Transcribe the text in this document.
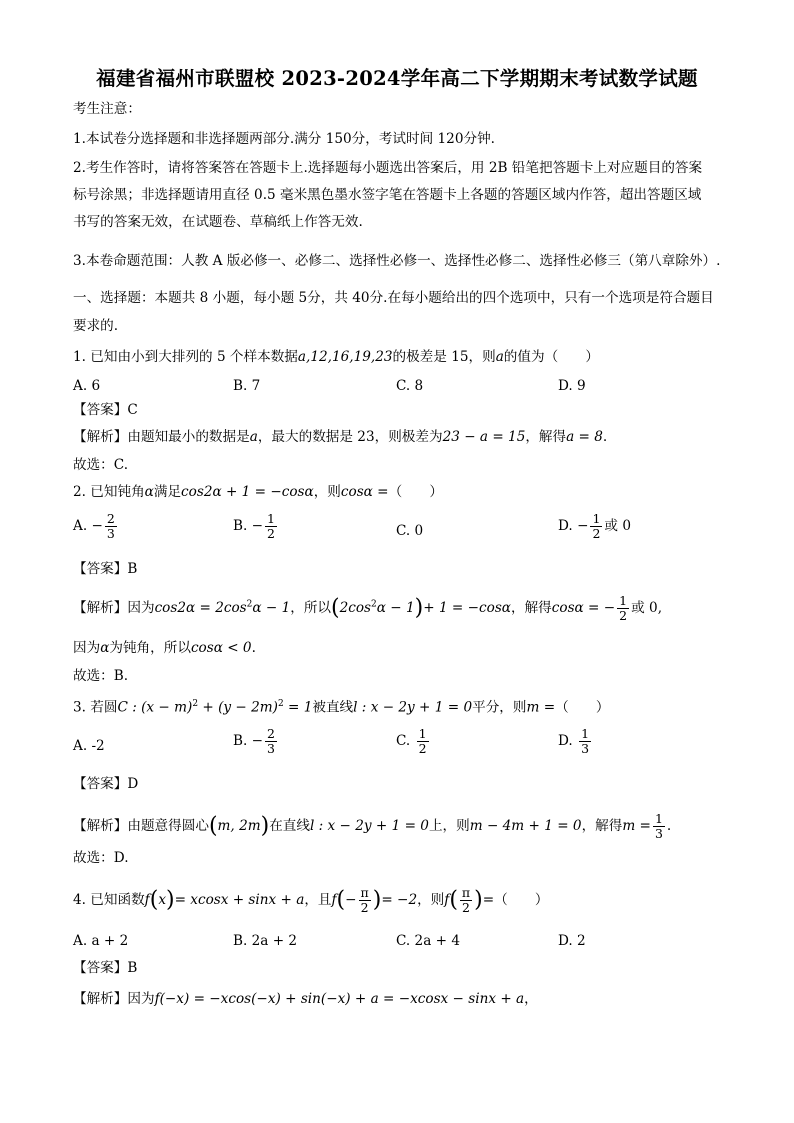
福建省福州市联盟校 2023-2024学年高二下学期期末考试数学试题
考生注意：
1.本试卷分选择题和非选择题两部分.满分 150分，考试时间 120分钟.
2.考生作答时，请将答案答在答题卡上.选择题每小题选出答案后，用 2B 铅笔把答题卡上对应题目的答案
标号涂黑；非选择题请用直径 0.5 毫米黑色墨水签字笔在答题卡上各题的答题区域内作答，超出答题区域
书写的答案无效，在试题卷、草稿纸上作答无效.
3.本卷命题范围：人教 A 版必修一、必修二、选择性必修一、选择性必修二、选择性必修三（第八章除外）.
一、选择题：本题共 8 小题，每小题 5分，共 40分.在每小题给出的四个选项中，只有一个选项是符合题目
要求的.
1. 已知由小到大排列的 5 个样本数据a,12,16,19,23的极差是 15，则a的值为（　　）
A. 6	B. 7	C. 8	D. 9
【答案】C
【解析】由题知最小的数据是a，最大的数据是 23，则极差为23 − a = 15，解得a = 8.
故选：C.
2. 已知钝角α满足cos2α + 1 = −cosα，则cosα =（　　）
A. − $\frac{2}{3}$	B. − $\frac{1}{2}$	C. 0	D. − $\frac{1}{2}$ 或 0
【答案】B
【解析】因为$\cos 2\alpha = 2\cos^2\alpha - 1$，所以$(2\cos^2\alpha - 1)+ 1 = -\cos\alpha$，解得cosα = − $\frac{1}{2}$ 或 0,
因为α为钝角，所以cosα < 0.
故选：B.
3. 若圆C : $(x - m)^2 + (y - 2m)^2 = 1$被直线l : x − 2y + 1 = 0平分，则m =（　　）
A. -2	B. − $\frac{2}{3}$	C. $\frac{1}{2}$	D. $\frac{1}{3}$
【答案】D
【解析】由题意得圆心(m, 2m)在直线l : x − 2y + 1 = 0上，则m − 4m + 1 = 0，解得$m = \frac{1}{3}$ .
故选：D.
4. 已知函数f(x)= xcosx + sinx + a，且$f(- \frac{\pi}{2}$ )= −2，则$f( \frac{\pi}{2}$ )=（　　）
A. a + 2	B. 2a + 2	C. 2a + 4	D. 2
【答案】B
【解析】因为f(−x) = −xcos(−x) + sin(−x) + a = −xcosx − sinx + a，
